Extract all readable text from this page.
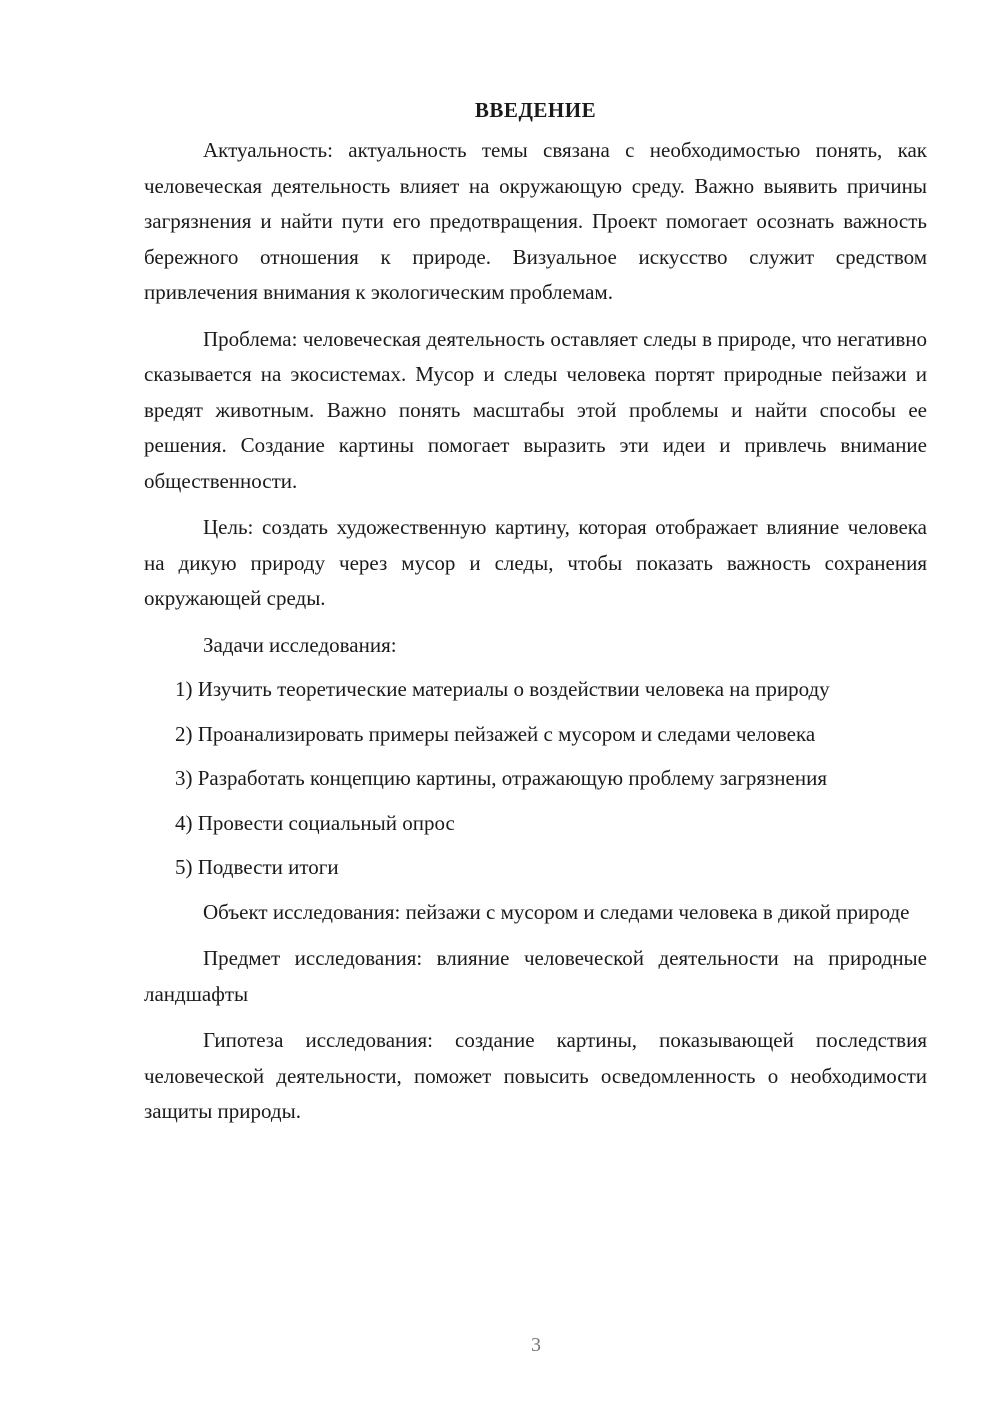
ВВЕДЕНИЕ

Актуальность: актуальность темы связана с необходимостью понять, как человеческая деятельность влияет на окружающую среду. Важно выявить причины загрязнения и найти пути его предотвращения. Проект помогает осознать важность бережного отношения к природе. Визуальное искусство служит средством привлечения внимания к экологическим проблемам.

Проблема: человеческая деятельность оставляет следы в природе, что негативно сказывается на экосистемах. Мусор и следы человека портят природные пейзажи и вредят животным. Важно понять масштабы этой проблемы и найти способы ее решения. Создание картины помогает выразить эти идеи и привлечь внимание общественности.

Цель: создать художественную картину, которая отображает влияние человека на дикую природу через мусор и следы, чтобы показать важность сохранения окружающей среды.

Задачи исследования:

1) Изучить теоретические материалы о воздействии человека на природу

2) Проанализировать примеры пейзажей с мусором и следами человека

3) Разработать концепцию картины, отражающую проблему загрязнения

4) Провести социальный опрос

5) Подвести итоги

Объект исследования: пейзажи с мусором и следами человека в дикой природе

Предмет исследования: влияние человеческой деятельности на природные ландшафты

Гипотеза исследования: создание картины, показывающей последствия человеческой деятельности, поможет повысить осведомленность о необходимости защиты природы.

3
